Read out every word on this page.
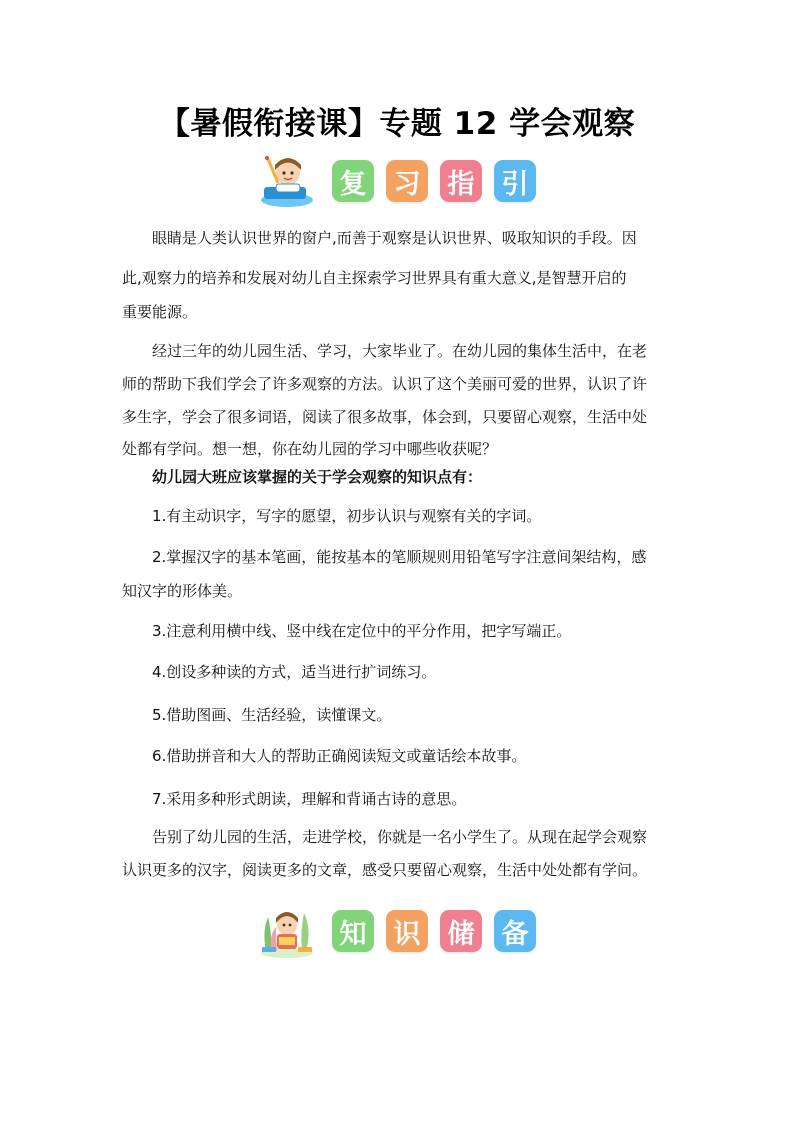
【暑假衔接课】专题 12 学会观察
复 习 指 引
眼睛是人类认识世界的窗户,而善于观察是认识世界、吸取知识的手段。因
此,观察力的培养和发展对幼儿自主探索学习世界具有重大意义,是智慧开启的
重要能源。
经过三年的幼儿园生活、学习，大家毕业了。在幼儿园的集体生活中，在老
师的帮助下我们学会了许多观察的方法。认识了这个美丽可爱的世界，认识了许
多生字，学会了很多词语，阅读了很多故事，体会到，只要留心观察，生活中处
处都有学问。想一想，你在幼儿园的学习中哪些收获呢？
幼儿园大班应该掌握的关于学会观察的知识点有：
1.有主动识字，写字的愿望，初步认识与观察有关的字词。
2.掌握汉字的基本笔画，能按基本的笔顺规则用铅笔写字注意间架结构，感
知汉字的形体美。
3.注意利用横中线、竖中线在定位中的平分作用，把字写端正。
4.创设多种读的方式，适当进行扩词练习。
5.借助图画、生活经验，读懂课文。
6.借助拼音和大人的帮助正确阅读短文或童话绘本故事。
7.采用多种形式朗读，理解和背诵古诗的意思。
告别了幼儿园的生活，走进学校，你就是一名小学生了。从现在起学会观察
认识更多的汉字，阅读更多的文章，感受只要留心观察，生活中处处都有学问。
知 识 储 备
